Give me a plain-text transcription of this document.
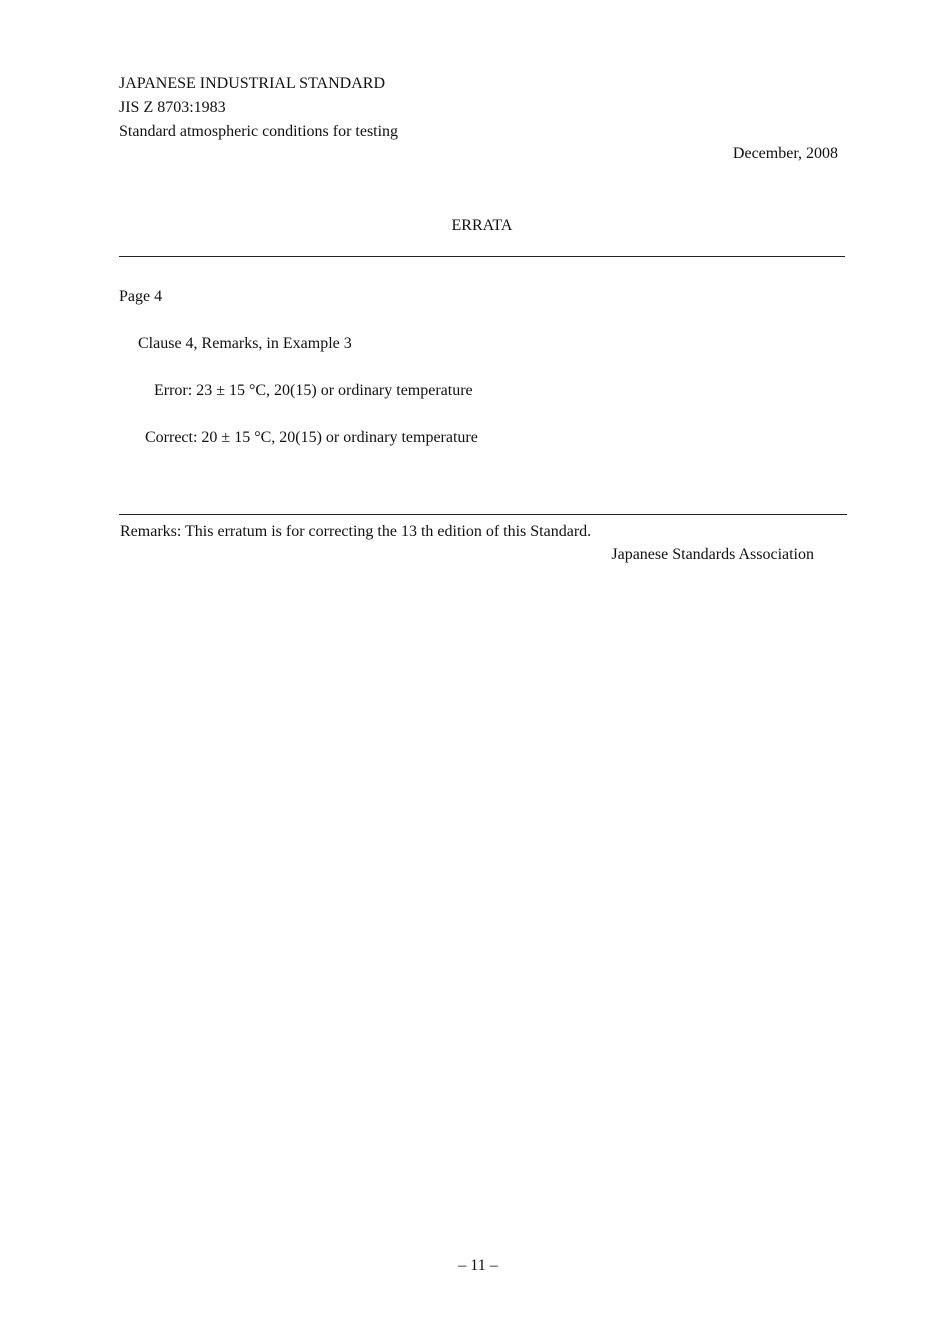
JAPANESE INDUSTRIAL STANDARD
JIS Z 8703:1983
Standard atmospheric conditions for testing
December, 2008
ERRATA
Page 4
Clause 4, Remarks, in Example 3
Error: 23 ± 15 °C, 20(15) or ordinary temperature
Correct: 20 ± 15 °C, 20(15) or ordinary temperature
Remarks: This erratum is for correcting the 13 th edition of this Standard.
Japanese Standards Association
– 11 –
